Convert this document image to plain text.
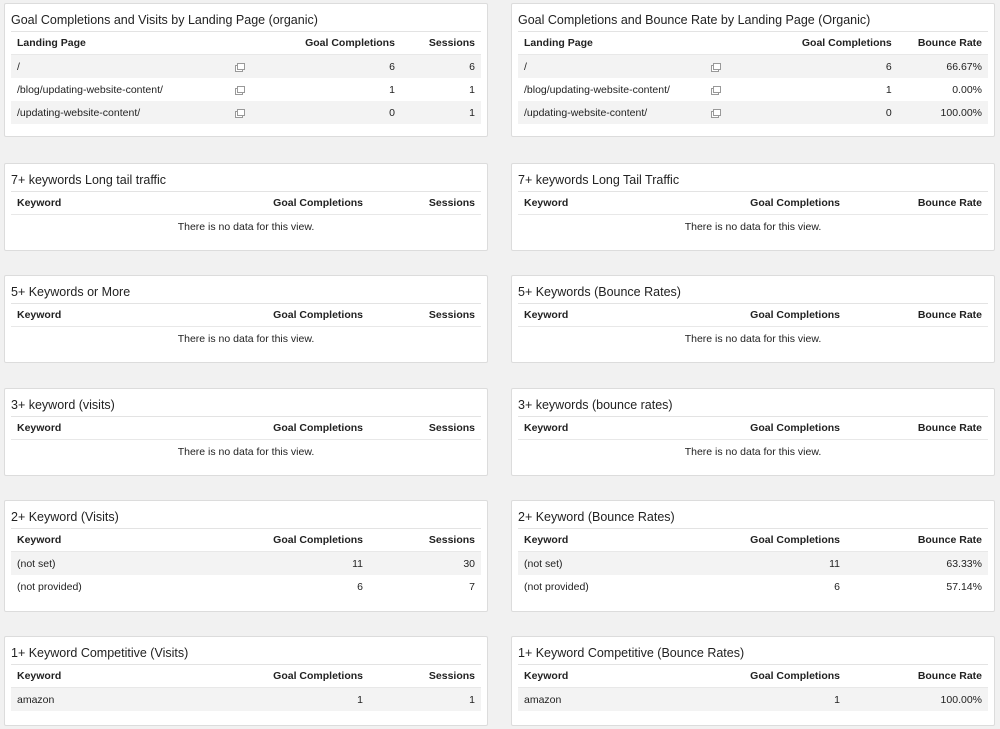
Goal Completions and Visits by Landing Page (organic)
Landing Page		Goal Completions	Sessions
/		6	6
/blog/updating-website-content/		1	1
/updating-website-content/		0	1
Goal Completions and Bounce Rate by Landing Page (Organic)
Landing Page		Goal Completions	Bounce Rate
/		6	66.67%
/blog/updating-website-content/		1	0.00%
/updating-website-content/		0	100.00%
7+ keywords Long tail traffic
Keyword	Goal Completions	Sessions
There is no data for this view.
7+ keywords Long Tail Traffic
Keyword	Goal Completions	Bounce Rate
There is no data for this view.
5+ Keywords or More
Keyword	Goal Completions	Sessions
There is no data for this view.
5+ Keywords (Bounce Rates)
Keyword	Goal Completions	Bounce Rate
There is no data for this view.
3+ keyword (visits)
Keyword	Goal Completions	Sessions
There is no data for this view.
3+ keywords (bounce rates)
Keyword	Goal Completions	Bounce Rate
There is no data for this view.
2+ Keyword (Visits)
Keyword	Goal Completions	Sessions
(not set)	11	30
(not provided)	6	7
2+ Keyword (Bounce Rates)
Keyword	Goal Completions	Bounce Rate
(not set)	11	63.33%
(not provided)	6	57.14%
1+ Keyword Competitive (Visits)
Keyword	Goal Completions	Sessions
amazon	1	1
1+ Keyword Competitive (Bounce Rates)
Keyword	Goal Completions	Bounce Rate
amazon	1	100.00%
